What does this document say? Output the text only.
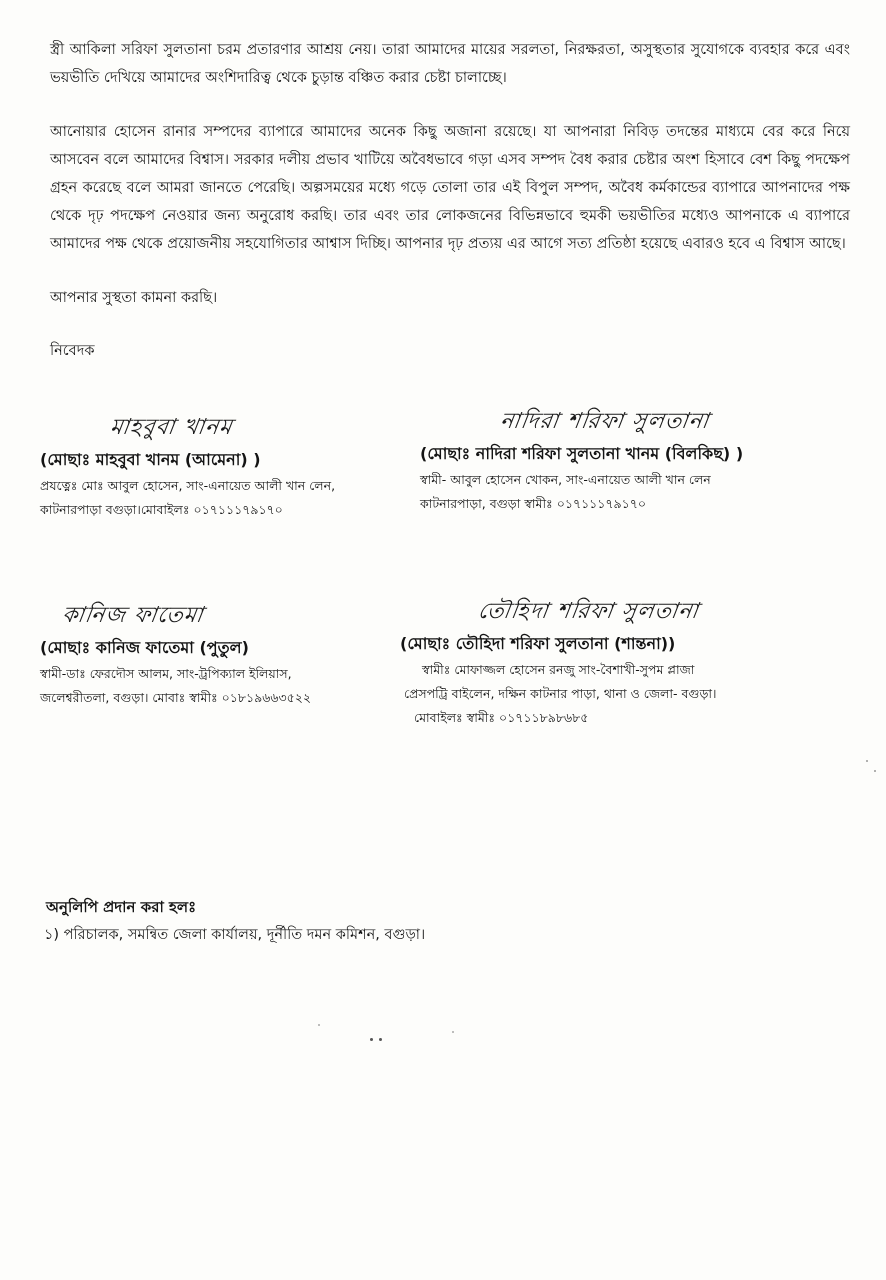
স্ত্রী আকিলা সরিফা সুলতানা চরম প্রতারণার আশ্রয় নেয়। তারা আমাদের মায়ের সরলতা, নিরক্ষরতা, অসুস্থতার সুযোগকে ব্যবহার করে এবং ভয়ভীতি দেখিয়ে আমাদের অংশিদারিত্ব থেকে চুড়ান্ত বঞ্চিত করার চেষ্টা চালাচ্ছে।

আনোয়ার হোসেন রানার সম্পদের ব্যাপারে আমাদের অনেক কিছু অজানা রয়েছে। যা আপনারা নিবিড় তদন্তের মাধ্যমে বের করে নিয়ে আসবেন বলে আমাদের বিশ্বাস। সরকার দলীয় প্রভাব খাটিয়ে অবৈধভাবে গড়া এসব সম্পদ বৈধ করার চেষ্টার অংশ হিসাবে বেশ কিছু পদক্ষেপ গ্রহন করেছে বলে আমরা জানতে পেরেছি। অল্পসময়ের মধ্যে গড়ে তোলা তার এই বিপুল সম্পদ, অবৈধ কর্মকান্ডের ব্যাপারে আপনাদের পক্ষ থেকে দৃঢ় পদক্ষেপ নেওয়ার জন্য অনুরোধ করছি। তার এবং তার লোকজনের বিভিন্নভাবে হুমকী ভয়ভীতির মধ্যেও আপনাকে এ ব্যাপারে আমাদের পক্ষ থেকে প্রয়োজনীয় সহযোগিতার আশ্বাস দিচ্ছি। আপনার দৃঢ় প্রত্যয় এর আগে সত্য প্রতিষ্ঠা হয়েছে এবারও হবে এ বিশ্বাস আছে।

আপনার সুস্থতা কামনা করছি।

নিবেদক
মাহবুবা খানম
(মোছাঃ মাহবুবা খানম (আমেনা) )
প্রযত্নেঃ মোঃ আবুল হোসেন, সাং-এনায়েত আলী খান লেন,
কাটনারপাড়া বগুড়া।মোবাইলঃ ০১৭১১১৭৯১৭০
নাদিরা শরিফা সুলতানা
(মোছাঃ নাদিরা শরিফা সুলতানা খানম (বিলকিছ) )
স্বামী- আবুল হোসেন খোকন, সাং-এনায়েত আলী খান লেন
কাটনারপাড়া, বগুড়া স্বামীঃ ০১৭১১১৭৯১৭০
কানিজ ফাতেমা
(মোছাঃ কানিজ ফাতেমা (পুতুল)
স্বামী-ডাঃ ফেরদৌস আলম, সাং-ট্রপিক্যাল ইলিয়াস,
জলেশ্বরীতলা, বগুড়া। মোবাঃ স্বামীঃ ০১৮১৯৬৬৩৫২২
তৌহিদা শরিফা সুলতানা
(মোছাঃ তৌহিদা শরিফা সুলতানা (শান্তনা))
স্বামীঃ মোফাজ্জল হোসেন রনজু সাং-বৈশাখী-সুপম প্লাজা
প্রেসপট্রি বাইলেন, দক্ষিন কাটনার পাড়া, থানা ও জেলা- বগুড়া।
মোবাইলঃ স্বামীঃ ০১৭১১৮৯৮৬৮৫
অনুলিপি প্রদান করা হলঃ
১) পরিচালক, সমন্বিত জেলা কার্যালয়, দূর্নীতি দমন কমিশন, বগুড়া।
